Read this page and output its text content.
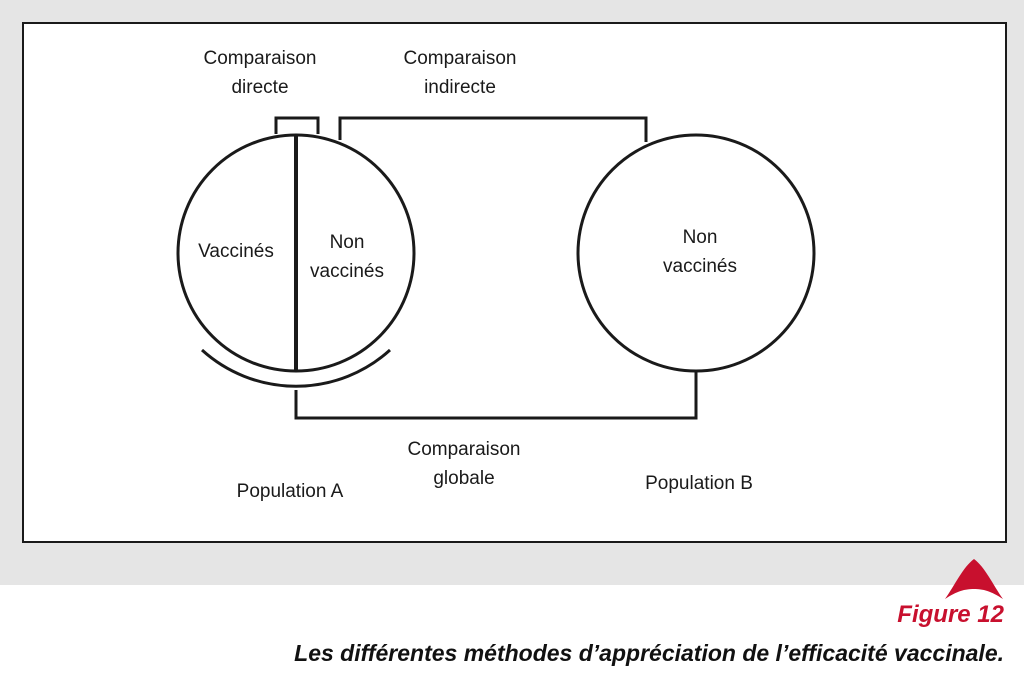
Comparaison
directe
Comparaison
indirecte
Vaccinés	Non
vaccinés
Non
vaccinés
Comparaison
globale
Population A	Population B
Figure 12
Les différentes méthodes d’appréciation de l’efficacité vaccinale.
